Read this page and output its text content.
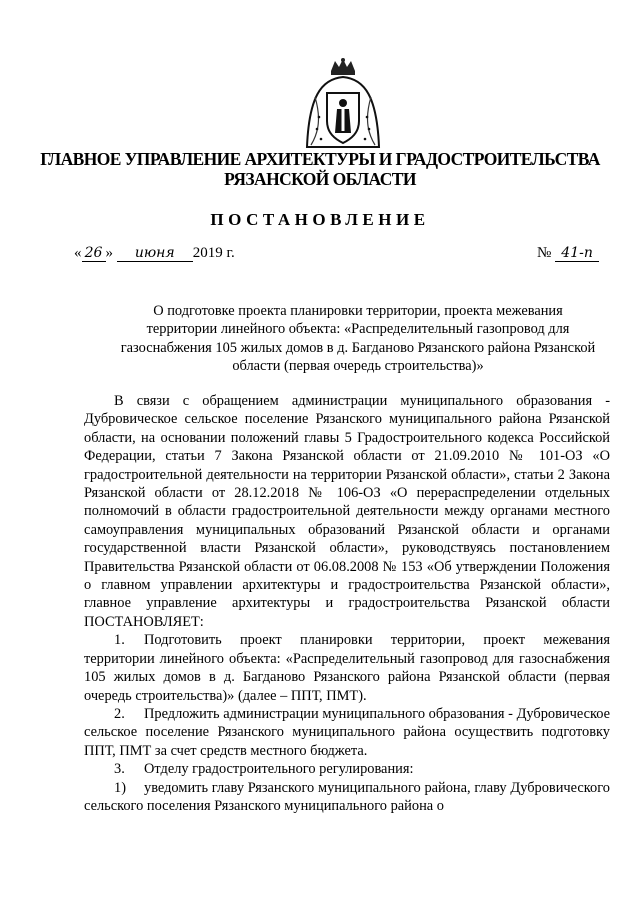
ГЛАВНОЕ УПРАВЛЕНИЕ АРХИТЕКТУРЫ И ГРАДОСТРОИТЕЛЬСТВА
РЯЗАНСКОЙ ОБЛАСТИ
ПОСТАНОВЛЕНИЕ
« 26 » июня 2019 г.	№ 41-п
О подготовке проекта планировки территории, проекта межевания территории линейного объекта: «Распределительный газопровод для газоснабжения 105 жилых домов в д. Багданово Рязанского района Рязанской области (первая очередь строительства)»

В связи с обращением администрации муниципального образования - Дубровическое сельское поселение Рязанского муниципального района Рязанской области, на основании положений главы 5 Градостроительного кодекса Российской Федерации, статьи 7 Закона Рязанской области от 21.09.2010 № 101-ОЗ «О градостроительной деятельности на территории Рязанской области», статьи 2 Закона Рязанской области от 28.12.2018 № 106-ОЗ «О перераспределении отдельных полномочий в области градостроительной деятельности между органами местного самоуправления муниципальных образований Рязанской области и органами государственной власти Рязанской области», руководствуясь постановлением Правительства Рязанской области от 06.08.2008 № 153 «Об утверждении Положения о главном управлении архитектуры и градостроительства Рязанской области», главное управление архитектуры и градостроительства Рязанской области ПОСТАНОВЛЯЕТ:

1. Подготовить проект планировки территории, проект межевания территории линейного объекта: «Распределительный газопровод для газоснабжения 105 жилых домов в д. Багданово Рязанского района Рязанской области (первая очередь строительства)» (далее – ППТ, ПМТ).

2. Предложить администрации муниципального образования - Дубровическое сельское поселение Рязанского муниципального района осуществить подготовку ППТ, ПМТ за счет средств местного бюджета.

3. Отделу градостроительного регулирования:

1) уведомить главу Рязанского муниципального района, главу Дубровического сельского поселения Рязанского муниципального района о
